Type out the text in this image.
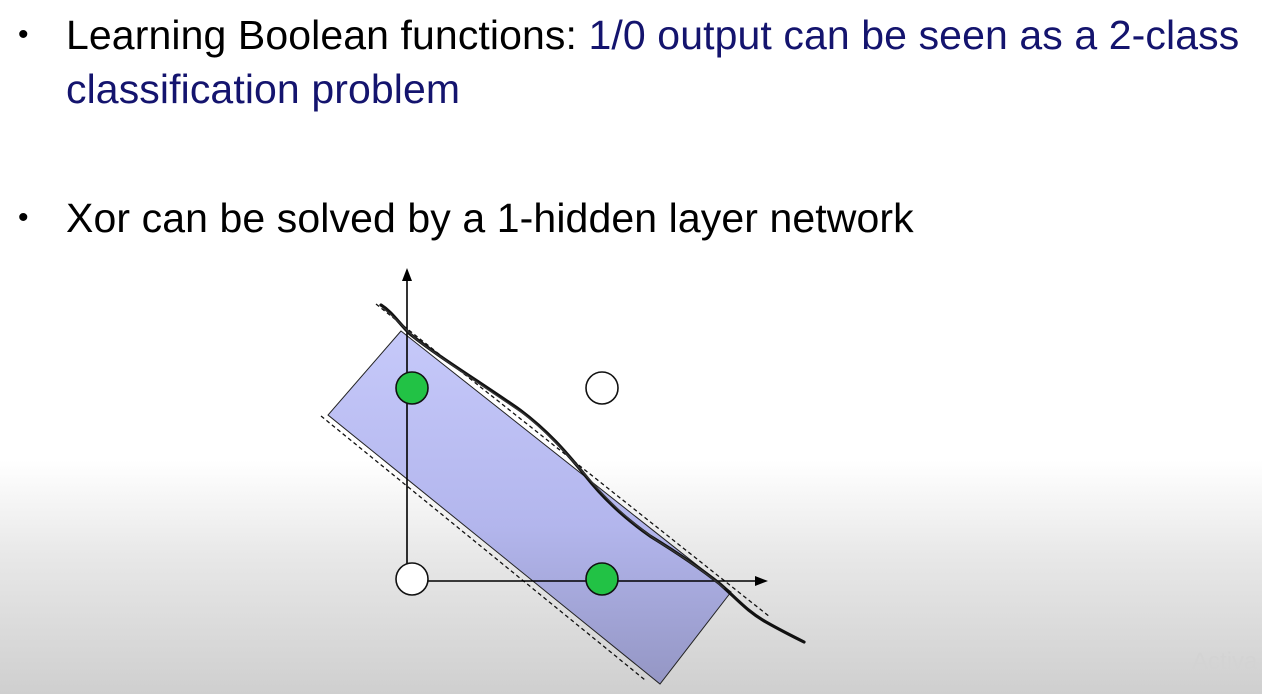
• Learning Boolean functions: 1/0 output can be seen as a 2-class classification problem
• Xor can be solved by a 1-hidden layer network
Activa
